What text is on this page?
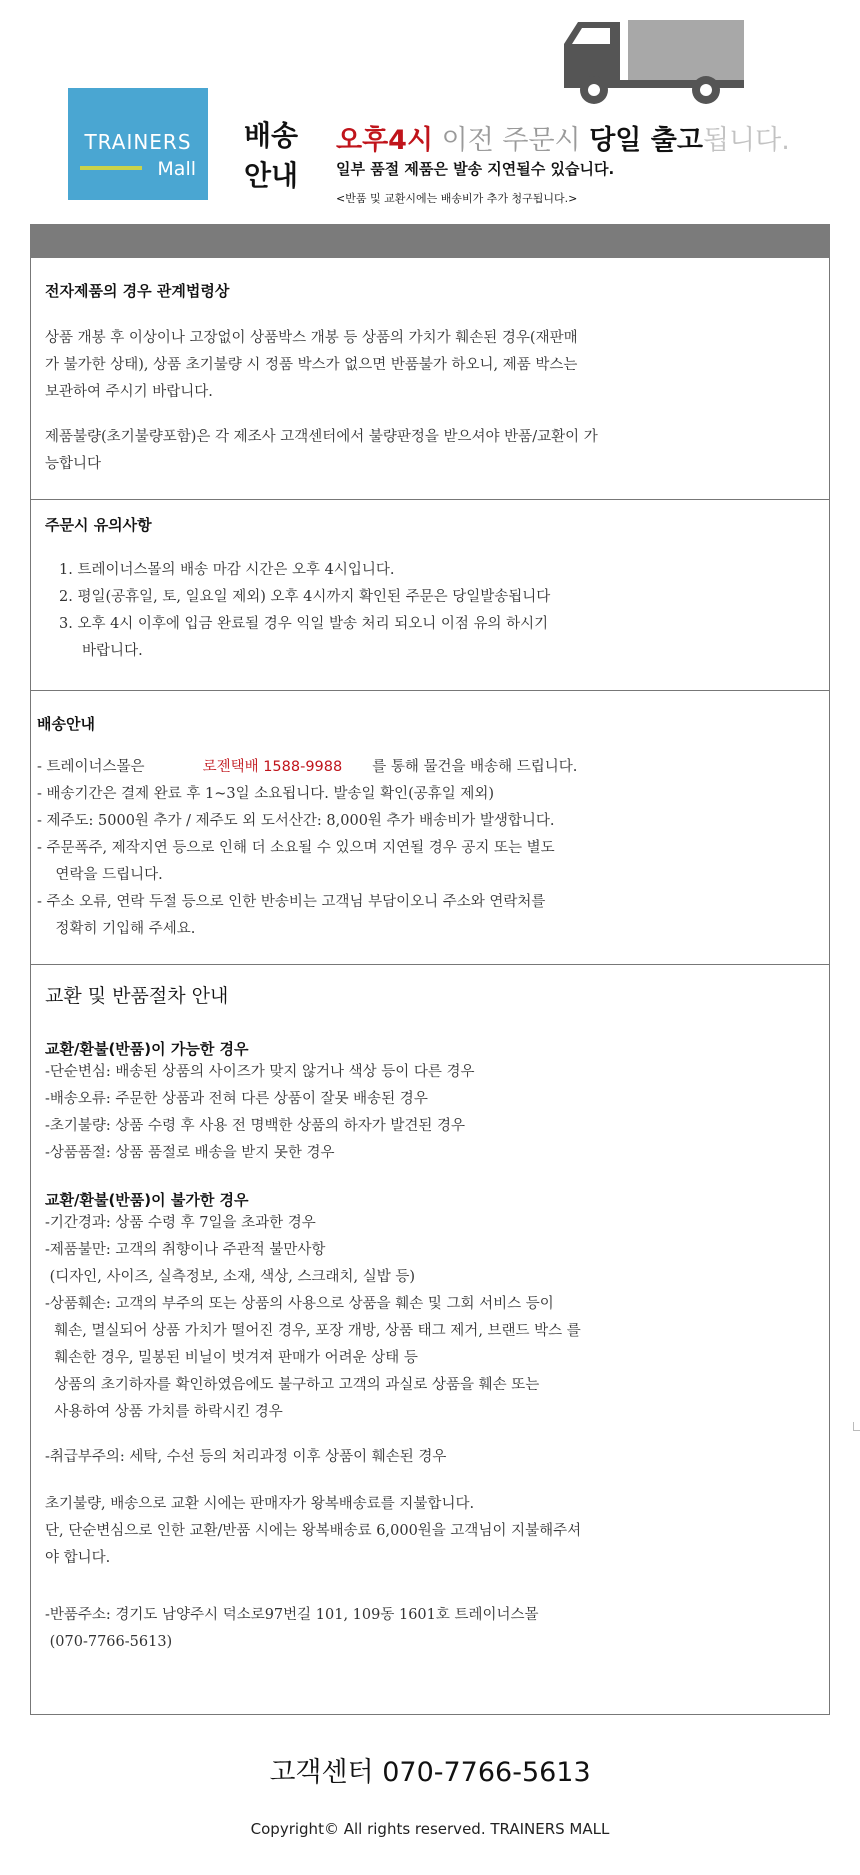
TRAINERS
Mall
배송
안내
오후4시 이전 주문시 당일 출고됩니다.
일부 품절 제품은 발송 지연될수 있습니다.
<반품 및 교환시에는 배송비가 추가 청구됩니다.>
전자제품의 경우 관계법령상

상품 개봉 후 이상이나 고장없이 상품박스 개봉 등 상품의 가치가 훼손된 경우(재판매

가 불가한 상태), 상품 초기불량 시 정품 박스가 없으면 반품불가 하오니, 제품 박스는

보관하여 주시기 바랍니다.

제품불량(초기불량포함)은 각 제조사 고객센터에서 불량판정을 받으셔야 반품/교환이 가

능합니다

주문시 유의사항

1. 트레이너스몰의 배송 마감 시간은 오후 4시입니다.

2. 평일(공휴일, 토, 일요일 제외) 오후 4시까지 확인된 주문은 당일발송됩니다

3. 오후 4시 이후에 입금 완료될 경우 익일 발송 처리 되오니 이점 유의 하시기

바랍니다.

배송안내

- 트레이너스몰은	로젠택배 1588-9988 를 통해 물건을 배송해 드립니다.

- 배송기간은 결제 완료 후 1~3일 소요됩니다. 발송일 확인(공휴일 제외)

- 제주도: 5000원 추가 / 제주도 외 도서산간: 8,000원 추가 배송비가 발생합니다.

- 주문폭주, 제작지연 등으로 인해 더 소요될 수 있으며 지연될 경우 공지 또는 별도

연락을 드립니다.

- 주소 오류, 연락 두절 등으로 인한 반송비는 고객님 부담이오니 주소와 연락처를

정확히 기입해 주세요.

교환 및 반품절차 안내
교환/환불(반품)이 가능한 경우

-단순변심: 배송된 상품의 사이즈가 맞지 않거나 색상 등이 다른 경우

-배송오류: 주문한 상품과 전혀 다른 상품이 잘못 배송된 경우

-초기불량: 상품 수령 후 사용 전 명백한 상품의 하자가 발견된 경우

-상품품절: 상품 품절로 배송을 받지 못한 경우

교환/환불(반품)이 불가한 경우

-기간경과: 상품 수령 후 7일을 초과한 경우

-제품불만: 고객의 취향이나 주관적 불만사항

(디자인, 사이즈, 실측정보, 소재, 색상, 스크래치, 실밥 등)

-상품훼손: 고객의 부주의 또는 상품의 사용으로 상품을 훼손 및 그회 서비스 등이

훼손, 멸실되어 상품 가치가 떨어진 경우, 포장 개방, 상품 태그 제거, 브랜드 박스 를

훼손한 경우, 밀봉된 비닐이 벗겨져 판매가 어려운 상태 등

상품의 초기하자를 확인하였음에도 불구하고 고객의 과실로 상품을 훼손 또는

사용하여 상품 가치를 하락시킨 경우

-취급부주의: 세탁, 수선 등의 처리과정 이후 상품이 훼손된 경우

초기불량, 배송으로 교환 시에는 판매자가 왕복배송료를 지불합니다.

단, 단순변심으로 인한 교환/반품 시에는 왕복배송료 6,000원을 고객님이 지불해주셔

야 합니다.

-반품주소: 경기도 남양주시 덕소로97번길 101, 109동 1601호 트레이너스몰

(070-7766-5613)

고객센터 070-7766-5613
Copyright© All rights reserved. TRAINERS MALL
